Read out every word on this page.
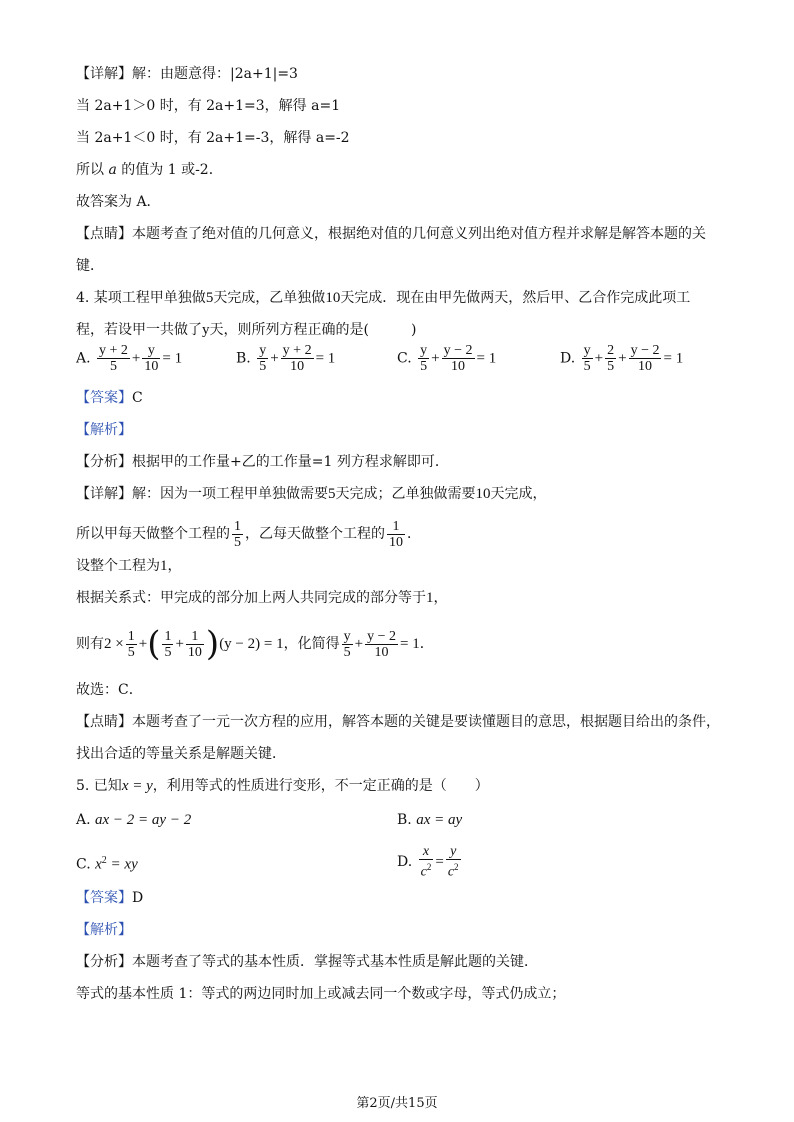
【详解】解：由题意得：|2a+1|=3
当 2a+1＞0 时，有 2a+1=3，解得 a=1
当 2a+1＜0 时，有 2a+1=-3，解得 a=-2
所以 a 的值为 1 或-2．
故答案为 A．
【点睛】本题考查了绝对值的几何意义，根据绝对值的几何意义列出绝对值方程并求解是解答本题的关
键．
4. 某项工程甲单独做5天完成，乙单独做10天完成．现在由甲先做两天，然后甲、乙合作完成此项工
程，若设甲一共做了y天，则所列方程正确的是(　　　)
A. $\frac{y + 2}{5} + \frac{y}{10} = 1$	B. $\frac{y}{5} + \frac{y + 2}{10} = 1$	C. $\frac{y}{5} + \frac{y - 2}{10} = 1$	D. $\frac{y}{5} + \frac{2}{5} + \frac{y - 2}{10} = 1$
【答案】C
【解析】
【分析】根据甲的工作量+乙的工作量=1 列方程求解即可．
【详解】解：因为一项工程甲单独做需要5天完成；乙单独做需要10天完成，
所以甲每天做整个工程的 $\frac{1}{5}$ ，乙每天做整个工程的 $\frac{1}{10}$ ．
设整个工程为1，
根据关系式：甲完成的部分加上两人共同完成的部分等于1，
则有$2 \times \frac{1}{5}$ +( $\frac{1}{5} + \frac{1}{10} )(y - 2) = 1$，化简得 $\frac{y}{5} + \frac{y - 2}{10} = 1$．
故选：C．
【点睛】本题考查了一元一次方程的应用，解答本题的关键是要读懂题目的意思，根据题目给出的条件，
找出合适的等量关系是解题关键．
5. 已知x = y，利用等式的性质进行变形，不一定正确的是（　　）
A. ax − 2 = ay − 2	B. ax = ay
C. $x^2$ = xy	D. $\frac{x}{c^2} = \frac{y}{c^2}$
【答案】D
【解析】
【分析】本题考查了等式的基本性质．掌握等式基本性质是解此题的关键．
等式的基本性质 1：等式的两边同时加上或减去同一个数或字母，等式仍成立；
第2页/共15页
